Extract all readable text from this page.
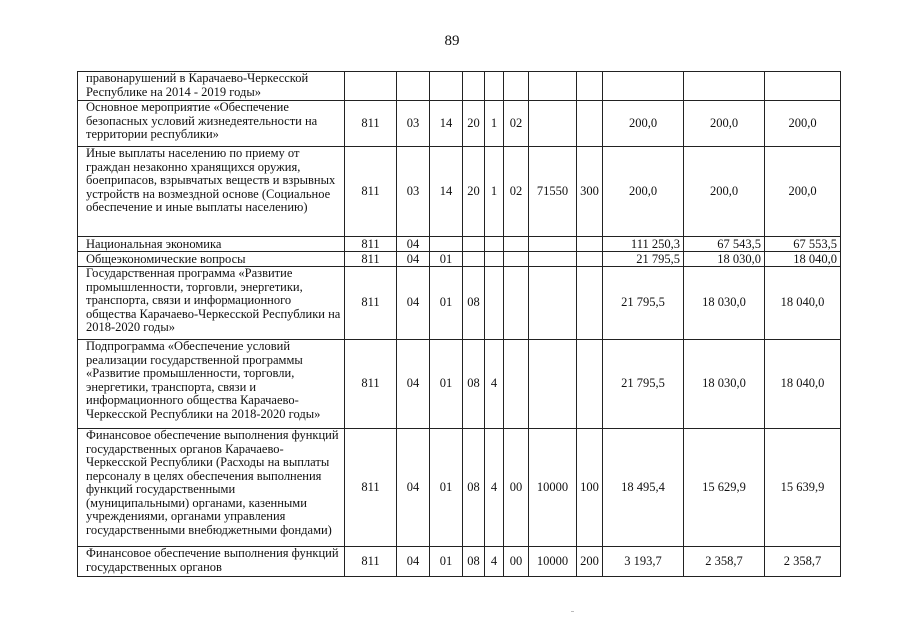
89
правонарушений в Карачаево-Черкесской Республике на 2014 - 2019 годы»											
Основное мероприятие «Обеспечение безопасных условий жизнедеятельности на территории республики»	811	03	14	20	1	02			200,0	200,0	200,0
Иные выплаты населению по приему от граждан незаконно хранящихся оружия, боеприпасов, взрывчатых веществ и взрывных устройств на возмездной основе (Социальное обеспечение и иные выплаты населению)	811	03	14	20	1	02	71550	300	200,0	200,0	200,0
Национальная экономика	811	04							111 250,3	67 543,5	67 553,5
Общеэкономические вопросы	811	04	01						21 795,5	18 030,0	18 040,0
Государственная программа «Развитие промышленности, торговли, энергетики, транспорта, связи и информационного общества Карачаево-Черкесской Республики на 2018-2020 годы»	811	04	01	08					21 795,5	18 030,0	18 040,0
Подпрограмма «Обеспечение условий реализации государственной программы «Развитие промышленности, торговли, энергетики, транспорта, связи и информационного общества Карачаево-Черкесской Республики на 2018-2020 годы»	811	04	01	08	4				21 795,5	18 030,0	18 040,0
Финансовое обеспечение выполнения функций государственных органов Карачаево-Черкесской Республики (Расходы на выплаты персоналу в целях обеспечения выполнения функций государственными (муниципальными) органами, казенными учреждениями, органами управления государственными внебюджетными фондами)	811	04	01	08	4	00	10000	100	18 495,4	15 629,9	15 639,9
Финансовое обеспечение выполнения функций государственных органов	811	04	01	08	4	00	10000	200	3 193,7	2 358,7	2 358,7
